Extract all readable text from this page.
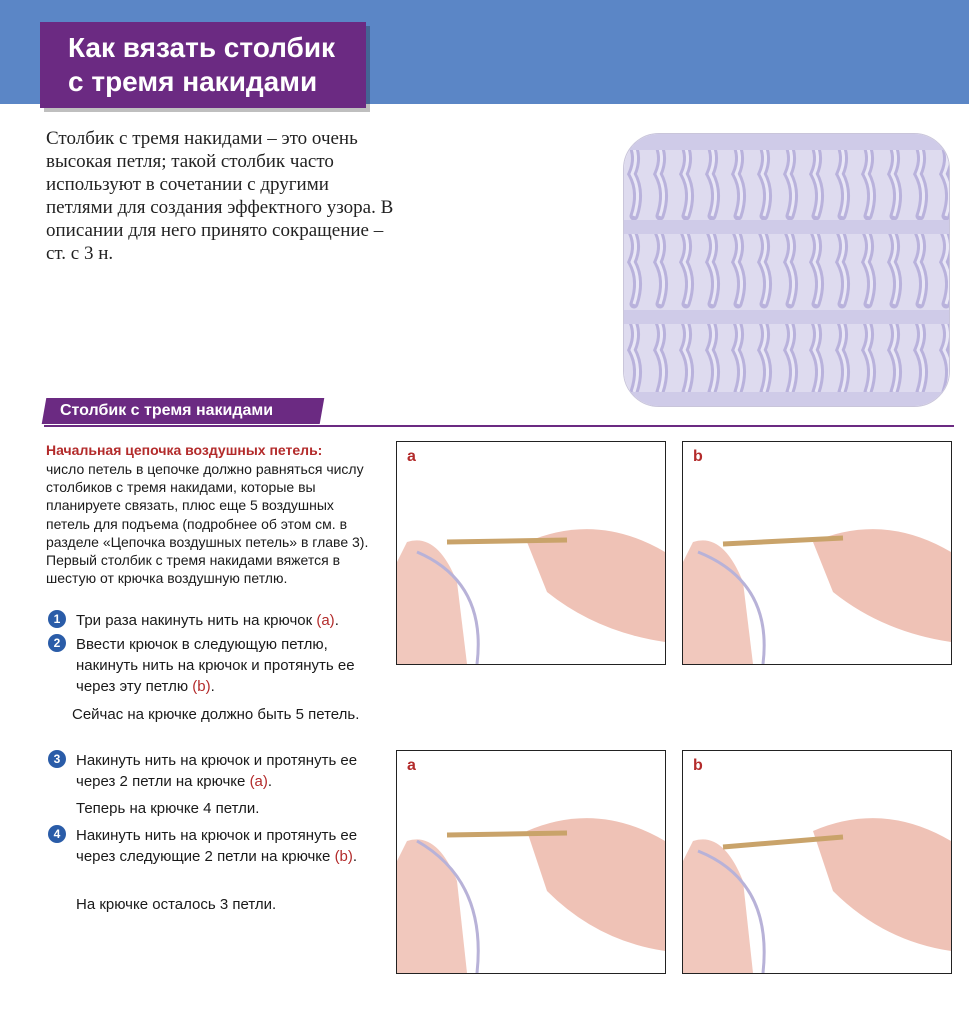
Как вязать столбик
с тремя накидами
Столбик с тремя накидами – это очень высокая петля; такой столбик часто используют в сочетании с другими петлями для создания эффектного узора. В описании для него принято сокращение – ст. с 3 н.
Столбик с тремя накидами
Начальная цепочка воздушных петель:
число петель в цепочке должно равняться числу столбиков с тремя накидами, которые вы планируете связать, плюс еще 5 воздушных петель для подъема (подробнее об этом см. в разделе «Цепочка воздушных петель» в главе 3). Первый столбик с тремя накидами вяжется в шестую от крючка воздушную петлю.
1	Три раза накинуть нить на крючок (a).
2	Ввести крючок в следующую петлю, накинуть нить на крючок и протянуть ее через эту петлю (b).
Сейчас на крючке должно быть 5 петель.
3	Накинуть нить на крючок и протянуть ее через 2 петли на крючке (a).
Теперь на крючке 4 петли.
4	Накинуть нить на крючок и протянуть ее через следующие 2 петли на крючке (b).
На крючке осталось 3 петли.
a	b
a	b
